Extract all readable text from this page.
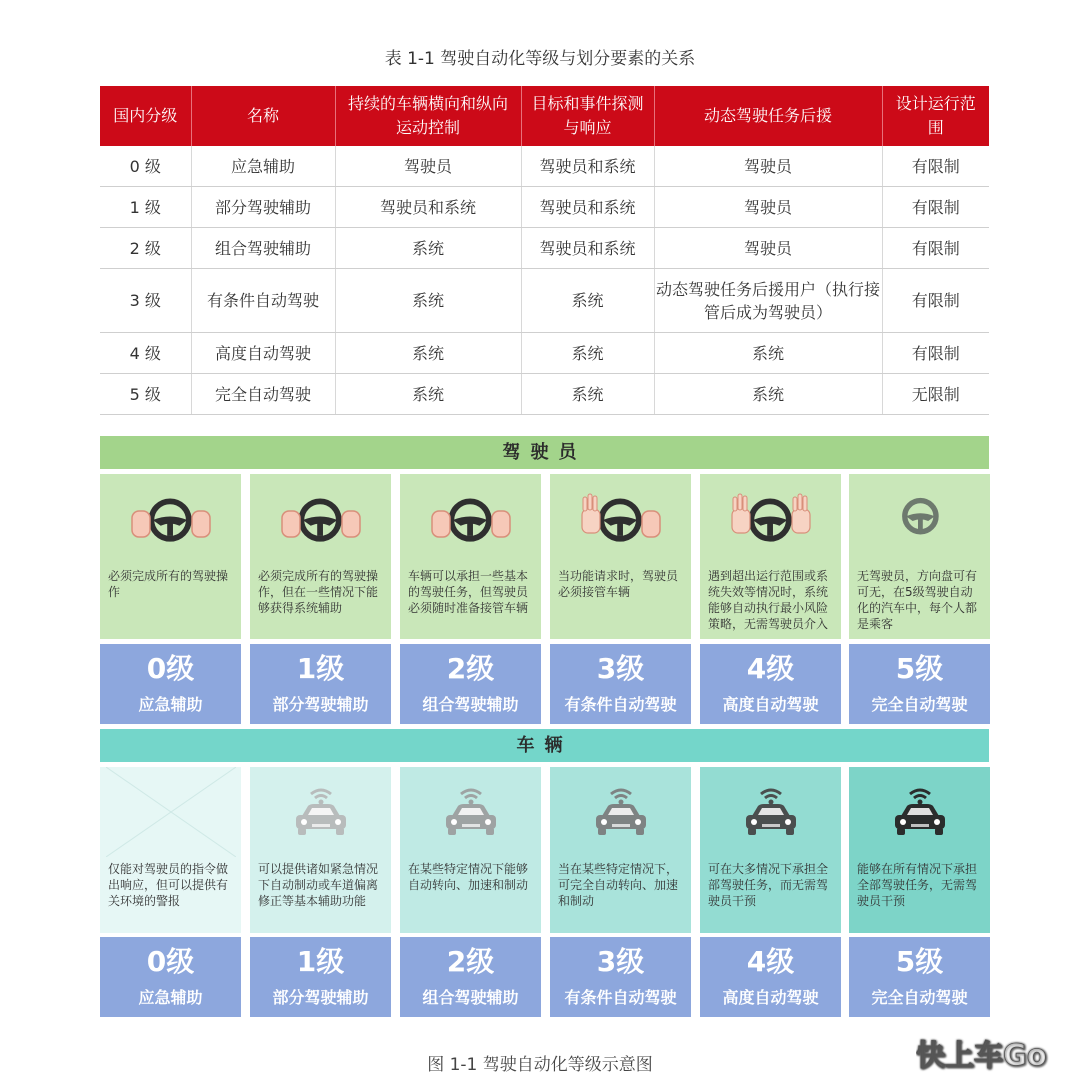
表 1-1 驾驶自动化等级与划分要素的关系
国内分级	名称	持续的车辆横向和纵向运动控制	目标和事件探测与响应	动态驾驶任务后援	设计运行范围
0 级	应急辅助	驾驶员	驾驶员和系统	驾驶员	有限制
1 级	部分驾驶辅助	驾驶员和系统	驾驶员和系统	驾驶员	有限制
2 级	组合驾驶辅助	系统	驾驶员和系统	驾驶员	有限制
3 级	有条件自动驾驶	系统	系统	动态驾驶任务后援用户（执行接管后成为驾驶员）	有限制
4 级	高度自动驾驶	系统	系统	系统	有限制
5 级	完全自动驾驶	系统	系统	系统	无限制
驾驶员
必须完成所有的驾驶操作
必须完成所有的驾驶操作，但在一些情况下能够获得系统辅助
车辆可以承担一些基本的驾驶任务，但驾驶员必须随时准备接管车辆
当功能请求时，驾驶员必须接管车辆
遇到超出运行范围或系统失效等情况时，系统能够自动执行最小风险策略，无需驾驶员介入
无驾驶员，方向盘可有可无，在5级驾驶自动化的汽车中，每个人都是乘客
0级
应急辅助
1级
部分驾驶辅助
2级
组合驾驶辅助
3级
有条件自动驾驶
4级
高度自动驾驶
5级
完全自动驾驶
车辆
仅能对驾驶员的指令做出响应，但可以提供有关环境的警报
可以提供诸如紧急情况下自动制动或车道偏离修正等基本辅助功能
在某些特定情况下能够自动转向、加速和制动
当在某些特定情况下，可完全自动转向、加速和制动
可在大多情况下承担全部驾驶任务，而无需驾驶员干预
能够在所有情况下承担全部驾驶任务，无需驾驶员干预
0级
应急辅助
1级
部分驾驶辅助
2级
组合驾驶辅助
3级
有条件自动驾驶
4级
高度自动驾驶
5级
完全自动驾驶
图 1-1 驾驶自动化等级示意图	快上车Go
